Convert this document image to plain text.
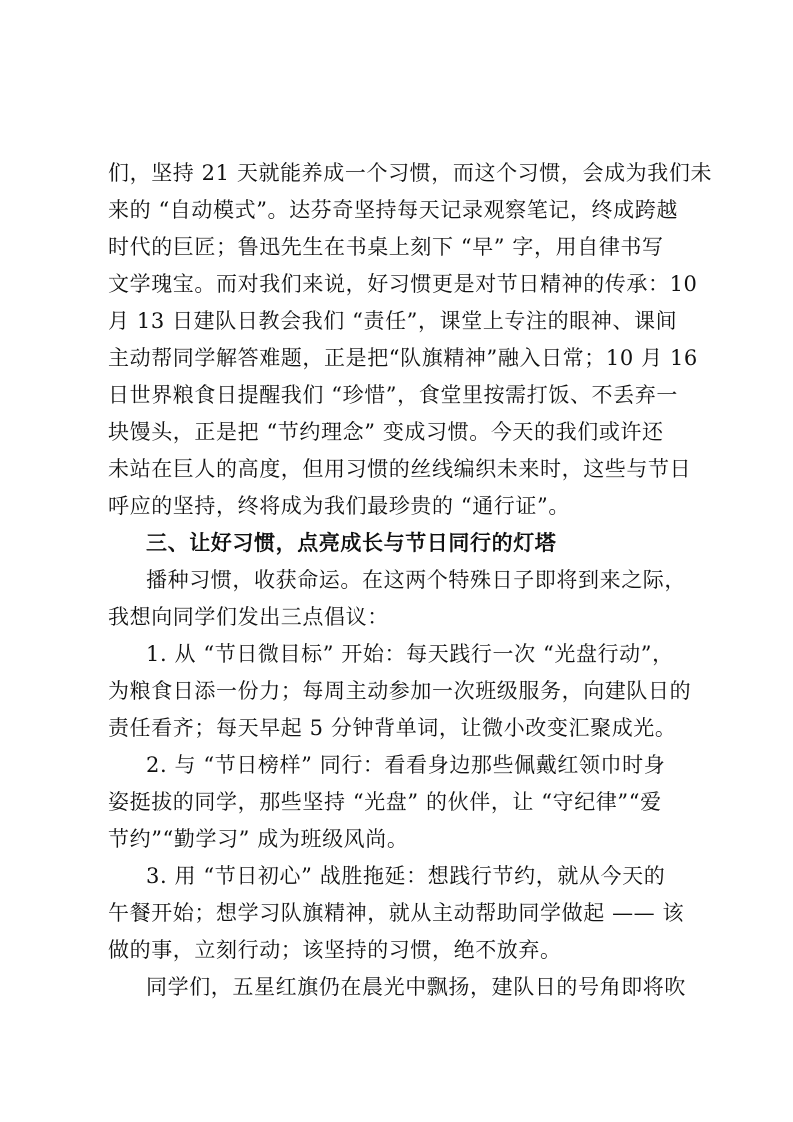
们，坚持 21 天就能养成一个习惯，而这个习惯，会成为我们未
来的 “自动模式”。达芬奇坚持每天记录观察笔记，终成跨越
时代的巨匠；鲁迅先生在书桌上刻下 “早” 字，用自律书写
文学瑰宝。而对我们来说，好习惯更是对节日精神的传承：10
月 13 日建队日教会我们 “责任”，课堂上专注的眼神、课间
主动帮同学解答难题，正是把“队旗精神”融入日常；10 月 16
日世界粮食日提醒我们 “珍惜”，食堂里按需打饭、不丢弃一
块馒头，正是把 “节约理念” 变成习惯。今天的我们或许还
未站在巨人的高度，但用习惯的丝线编织未来时，这些与节日
呼应的坚持，终将成为我们最珍贵的 “通行证”。
三、让好习惯，点亮成长与节日同行的灯塔
播种习惯，收获命运。在这两个特殊日子即将到来之际，
我想向同学们发出三点倡议：
1. 从 “节日微目标” 开始：每天践行一次 “光盘行动”，
为粮食日添一份力；每周主动参加一次班级服务，向建队日的
责任看齐；每天早起 5 分钟背单词，让微小改变汇聚成光。
2. 与 “节日榜样” 同行：看看身边那些佩戴红领巾时身
姿挺拔的同学，那些坚持 “光盘” 的伙伴，让 “守纪律”“爱
节约”“勤学习” 成为班级风尚。
3. 用 “节日初心” 战胜拖延：想践行节约，就从今天的
午餐开始；想学习队旗精神，就从主动帮助同学做起 —— 该
做的事，立刻行动；该坚持的习惯，绝不放弃。
同学们，五星红旗仍在晨光中飘扬，建队日的号角即将吹
